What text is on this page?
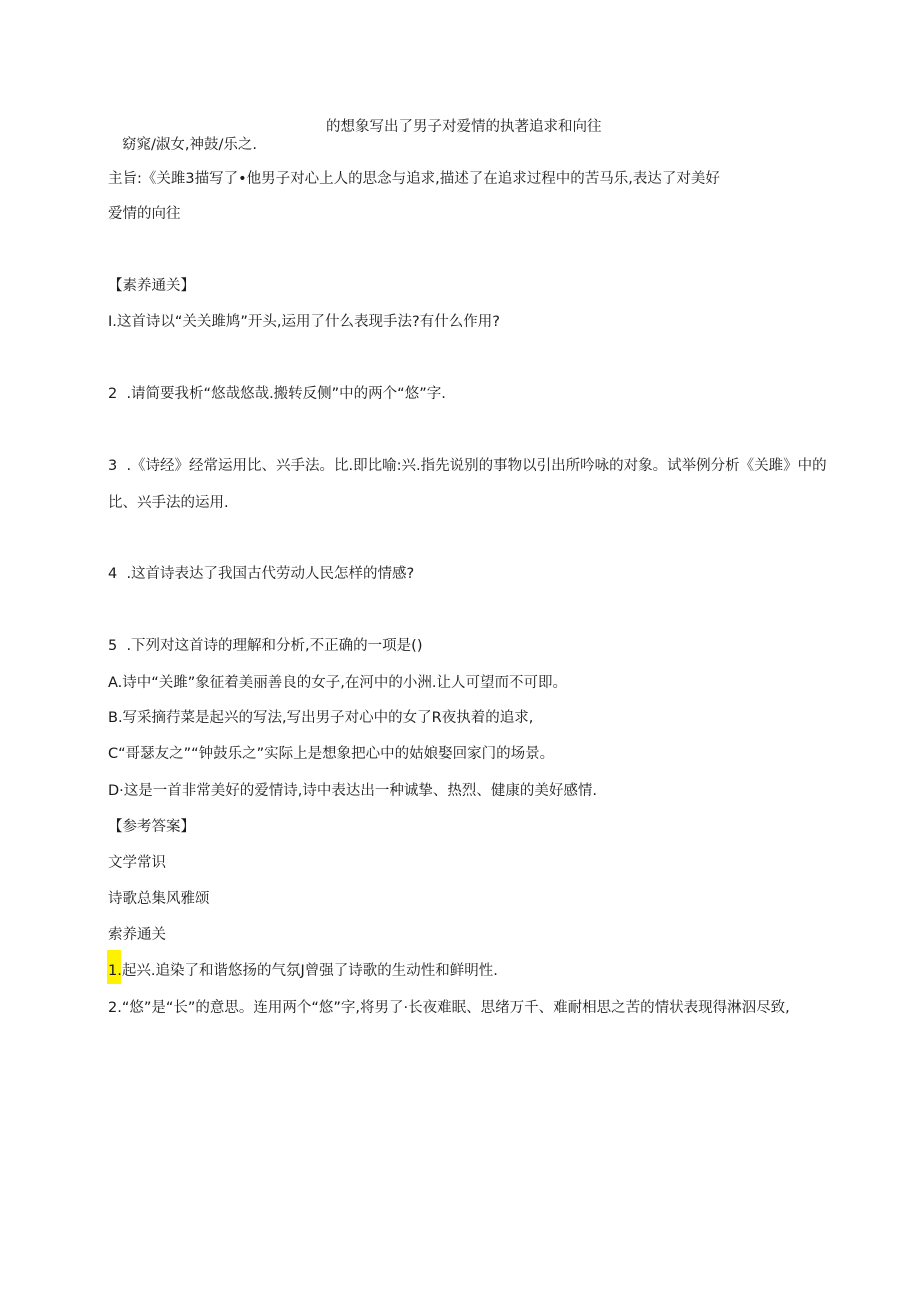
的想象写出了男子对爱情的执著追求和向往
窈窕/淑女,神鼓/乐之.
主旨:《关雎3描写了•他男子对心上人的思念与追求,描述了在追求过程中的苦马乐,表达了对美好
爱情的向往
【素养通关】
I.这首诗以“关关雎鸠”开头,运用了什么表现手法?有什么作用?
2  .请简要我析“悠哉悠哉.搬转反侧”中的两个“悠”字.
3  .《诗经》经常运用比、兴手法。比.即比喻:兴.指先说别的事物以引出所吟咏的对象。试举例分析《关雎》中的
比、兴手法的运用.
4  .这首诗表达了我国古代劳动人民怎样的情感?
5  .下列对这首诗的理解和分析,不正确的一项是()
A.诗中“关雎”象征着美丽善良的女子,在河中的小洲.让人可望而不可即。
B.写采摘荇菜是起兴的写法,写出男子对心中的女了R夜执着的追求,
C“哥瑟友之”“钟鼓乐之”实际上是想象把心中的姑娘娶回家门的场景。
D·这是一首非常美好的爱情诗,诗中表达出一种诚挚、热烈、健康的美好感情.
【参考答案】
文学常识
诗歌总集风雅颂
索养通关
1.起兴.追染了和谐悠扬的气氛J曾强了诗歌的生动性和鲜明性.
2.“悠”是“长”的意思。连用两个“悠”字,将男了·长夜难眠、思绪万千、难耐相思之苦的情状表现得淋泅尽致,
